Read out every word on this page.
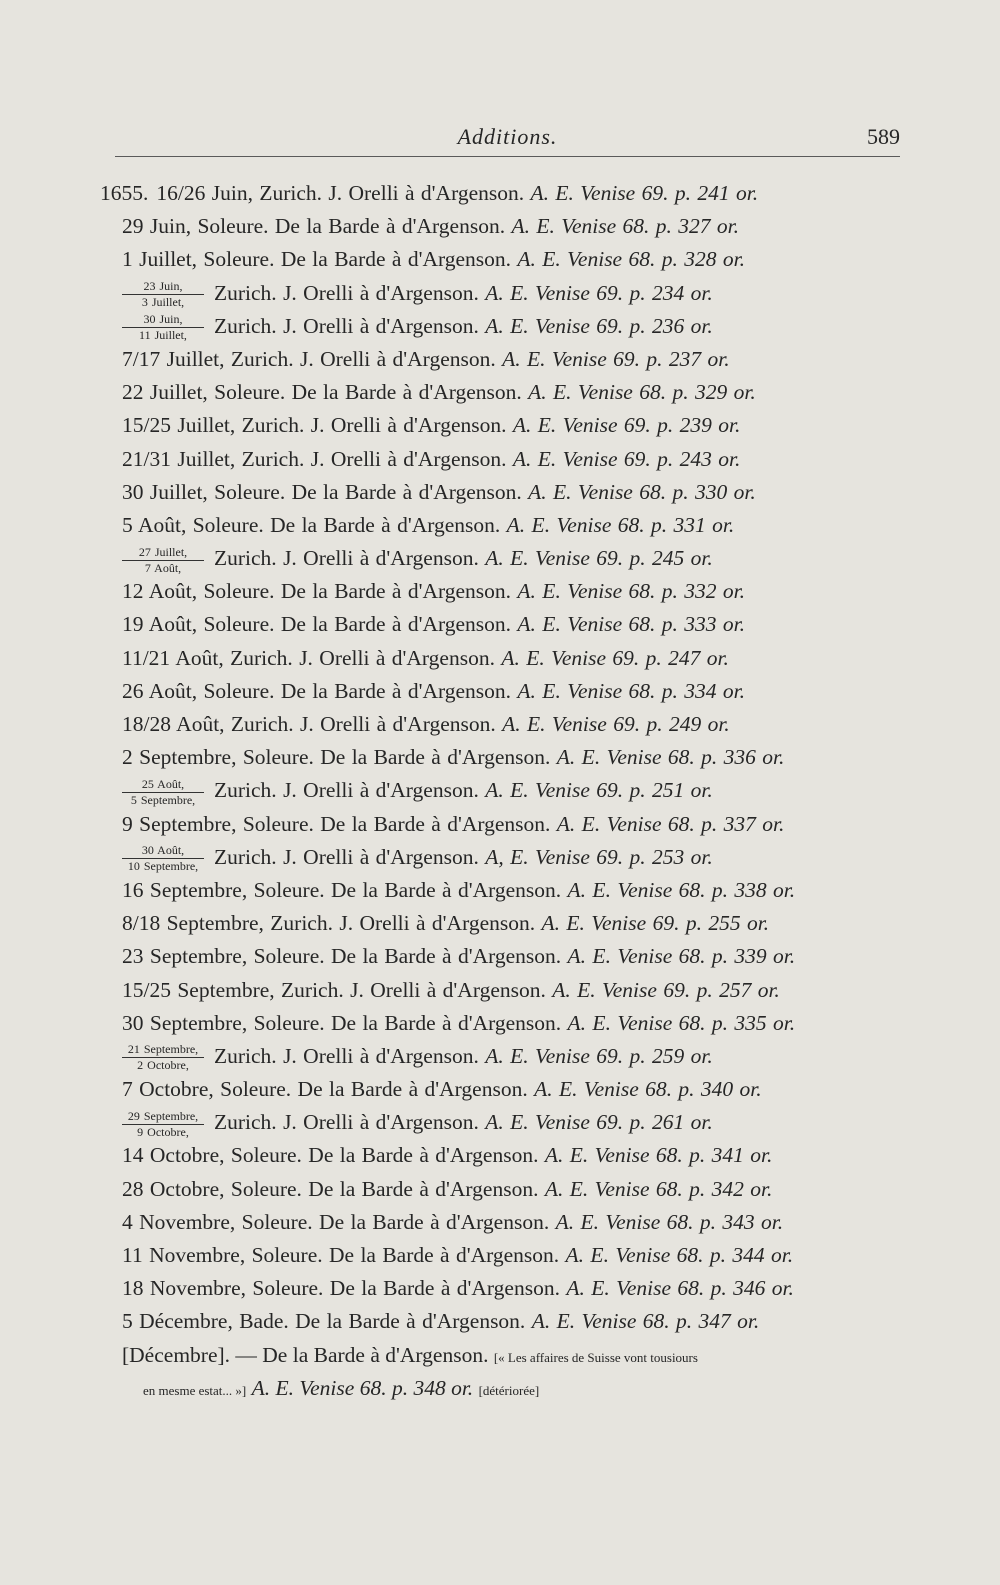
Additions.	589
1655. 16/26 Juin, Zurich. J. Orelli à d'Argenson. A. E. Venise 69. p. 241 or.
29 Juin, Soleure. De la Barde à d'Argenson. A. E. Venise 68. p. 327 or.
1 Juillet, Soleure. De la Barde à d'Argenson. A. E. Venise 68. p. 328 or.
$\frac{\text{23 Juin,}}{\text{3 Juillet,}}$ Zurich. J. Orelli à d'Argenson. A. E. Venise 69. p. 234 or.
$\frac{\text{30 Juin,}}{\text{11 Juillet,}}$ Zurich. J. Orelli à d'Argenson. A. E. Venise 69. p. 236 or.
7/17 Juillet, Zurich. J. Orelli à d'Argenson. A. E. Venise 69. p. 237 or.
22 Juillet, Soleure. De la Barde à d'Argenson. A. E. Venise 68. p. 329 or.
15/25 Juillet, Zurich. J. Orelli à d'Argenson. A. E. Venise 69. p. 239 or.
21/31 Juillet, Zurich. J. Orelli à d'Argenson. A. E. Venise 69. p. 243 or.
30 Juillet, Soleure. De la Barde à d'Argenson. A. E. Venise 68. p. 330 or.
5 Août, Soleure. De la Barde à d'Argenson. A. E. Venise 68. p. 331 or.
$\frac{\text{27 Juillet,}}{\text{7 Août,}}$ Zurich. J. Orelli à d'Argenson. A. E. Venise 69. p. 245 or.
12 Août, Soleure. De la Barde à d'Argenson. A. E. Venise 68. p. 332 or.
19 Août, Soleure. De la Barde à d'Argenson. A. E. Venise 68. p. 333 or.
11/21 Août, Zurich. J. Orelli à d'Argenson. A. E. Venise 69. p. 247 or.
26 Août, Soleure. De la Barde à d'Argenson. A. E. Venise 68. p. 334 or.
18/28 Août, Zurich. J. Orelli à d'Argenson. A. E. Venise 69. p. 249 or.
2 Septembre, Soleure. De la Barde à d'Argenson. A. E. Venise 68. p. 336 or.
$\frac{\text{25 Août,}}{\text{5 Septembre,}}$ Zurich. J. Orelli à d'Argenson. A. E. Venise 69. p. 251 or.
9 Septembre, Soleure. De la Barde à d'Argenson. A. E. Venise 68. p. 337 or.
$\frac{\text{30 Août,}}{\text{10 Septembre,}}$ Zurich. J. Orelli à d'Argenson. A, E. Venise 69. p. 253 or.
16 Septembre, Soleure. De la Barde à d'Argenson. A. E. Venise 68. p. 338 or.
8/18 Septembre, Zurich. J. Orelli à d'Argenson. A. E. Venise 69. p. 255 or.
23 Septembre, Soleure. De la Barde à d'Argenson. A. E. Venise 68. p. 339 or.
15/25 Septembre, Zurich. J. Orelli à d'Argenson. A. E. Venise 69. p. 257 or.
30 Septembre, Soleure. De la Barde à d'Argenson. A. E. Venise 68. p. 335 or.
$\frac{\text{21 Septembre,}}{\text{2 Octobre,}}$ Zurich. J. Orelli à d'Argenson. A. E. Venise 69. p. 259 or.
7 Octobre, Soleure. De la Barde à d'Argenson. A. E. Venise 68. p. 340 or.
$\frac{\text{29 Septembre,}}{\text{9 Octobre,}}$ Zurich. J. Orelli à d'Argenson. A. E. Venise 69. p. 261 or.
14 Octobre, Soleure. De la Barde à d'Argenson. A. E. Venise 68. p. 341 or.
28 Octobre, Soleure. De la Barde à d'Argenson. A. E. Venise 68. p. 342 or.
4 Novembre, Soleure. De la Barde à d'Argenson. A. E. Venise 68. p. 343 or.
11 Novembre, Soleure. De la Barde à d'Argenson. A. E. Venise 68. p. 344 or.
18 Novembre, Soleure. De la Barde à d'Argenson. A. E. Venise 68. p. 346 or.
5 Décembre, Bade. De la Barde à d'Argenson. A. E. Venise 68. p. 347 or.
[Décembre]. — De la Barde à d'Argenson. [« Les affaires de Suisse vont tousiours
en mesme estat... »] A. E. Venise 68. p. 348 or. [détériorée]
